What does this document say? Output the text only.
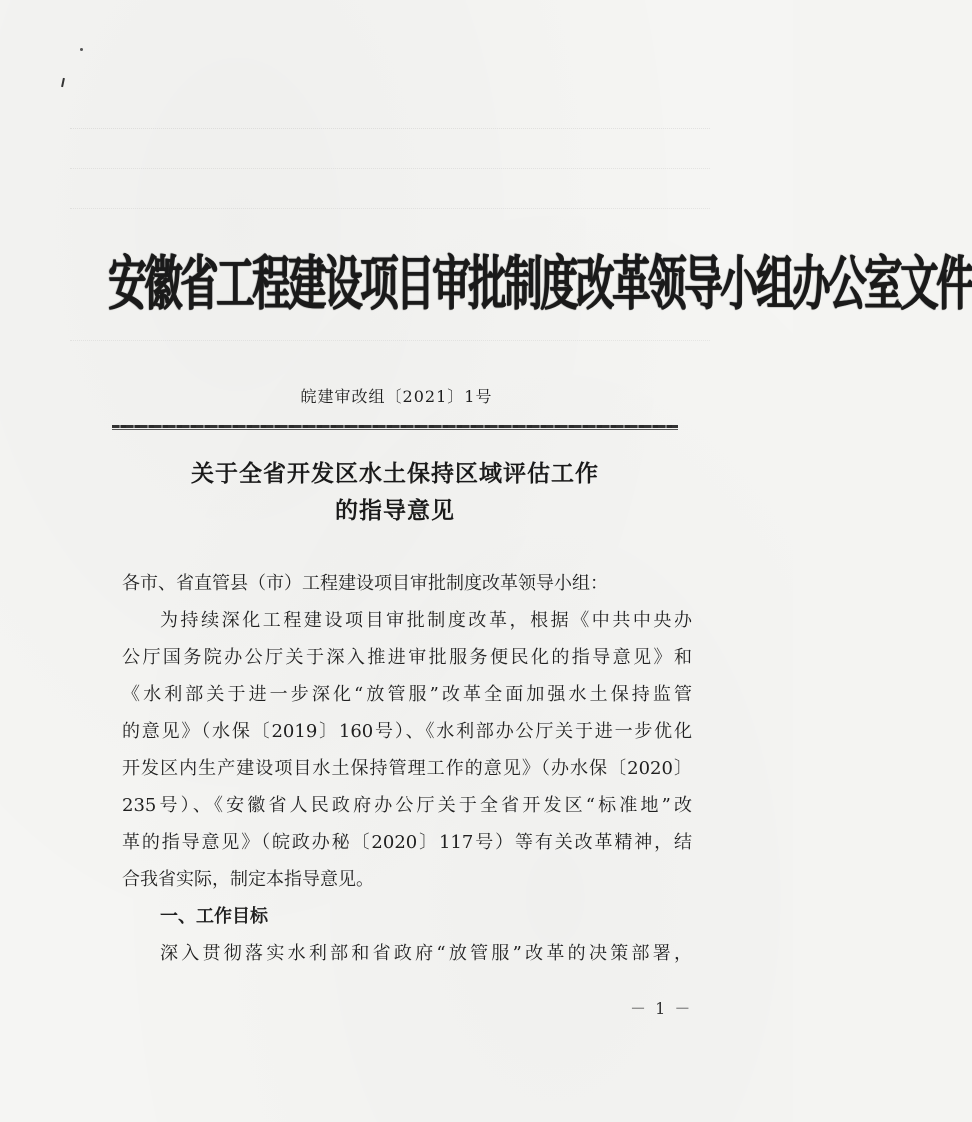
安徽省工程建设项目审批制度改革领导小组办公室文件
皖建审改组〔2021〕1号
关于全省开发区水土保持区域评估工作
的指导意见
各市、省直管县（市）工程建设项目审批制度改革领导小组：
为持续深化工程建设项目审批制度改革，根据《中共中央办
公厅国务院办公厅关于深入推进审批服务便民化的指导意见》和
《水利部关于进一步深化“放管服”改革全面加强水土保持监管
的意见》（水保〔2019〕160号）、《水利部办公厅关于进一步优化
开发区内生产建设项目水土保持管理工作的意见》（办水保〔2020〕
235号）、《安徽省人民政府办公厅关于全省开发区“标准地”改
革的指导意见》（皖政办秘〔2020〕117号）等有关改革精神，结
合我省实际，制定本指导意见。
一、工作目标
深入贯彻落实水利部和省政府“放管服”改革的决策部署，
－ 1 －
